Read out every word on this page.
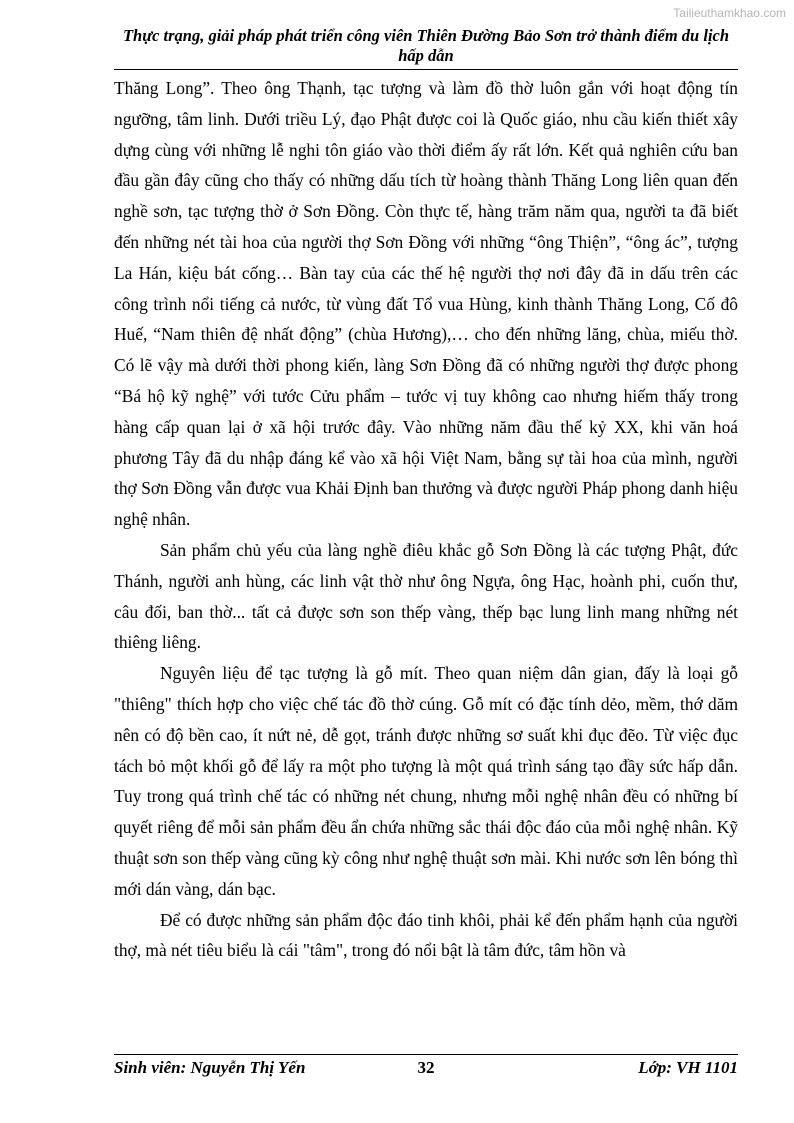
Tailieuthamkhao.com
Thực trạng, giải pháp phát triển công viên Thiên Đường Bảo Sơn trở thành điểm du lịch hấp dẫn

Thăng Long”. Theo ông Thạnh, tạc tượng và làm đồ thờ luôn gắn với hoạt động tín ngưỡng, tâm linh. Dưới triều Lý, đạo Phật được coi là Quốc giáo, nhu cầu kiến thiết xây dựng cùng với những lễ nghi tôn giáo vào thời điểm ấy rất lớn. Kết quả nghiên cứu ban đầu gần đây cũng cho thấy có những dấu tích từ hoàng thành Thăng Long liên quan đến nghề sơn, tạc tượng thờ ở Sơn Đồng. Còn thực tế, hàng trăm năm qua, người ta đã biết đến những nét tài hoa của người thợ Sơn Đồng với những “ông Thiện”, “ông ác”, tượng La Hán, kiệu bát cống… Bàn tay của các thế hệ người thợ nơi đây đã in dấu trên các công trình nổi tiếng cả nước, từ vùng đất Tổ vua Hùng, kinh thành Thăng Long, Cố đô Huế, “Nam thiên đệ nhất động” (chùa Hương),… cho đến những lăng, chùa, miếu thờ. Có lẽ vậy mà dưới thời phong kiến, làng Sơn Đồng đã có những người thợ được phong “Bá hộ kỹ nghệ” với tước Cửu phẩm – tước vị tuy không cao nhưng hiếm thấy trong hàng cấp quan lại ở xã hội trước đây. Vào những năm đầu thế kỷ XX, khi văn hoá phương Tây đã du nhập đáng kể vào xã hội Việt Nam, bằng sự tài hoa của mình, người thợ Sơn Đồng vẫn được vua Khải Định ban thưởng và được người Pháp phong danh hiệu nghệ nhân.

Sản phẩm chủ yếu của làng nghề điêu khắc gỗ Sơn Đồng là các tượng Phật, đức Thánh, người anh hùng, các linh vật thờ như ông Ngựa, ông Hạc, hoành phi, cuốn thư, câu đối, ban thờ... tất cả được sơn son thếp vàng, thếp bạc lung linh mang những nét thiêng liêng.

Nguyên liệu để tạc tượng là gỗ mít. Theo quan niệm dân gian, đấy là loại gỗ "thiêng" thích hợp cho việc chế tác đồ thờ cúng. Gỗ mít có đặc tính dẻo, mềm, thớ dăm nên có độ bền cao, ít nứt nẻ, dễ gọt, tránh được những sơ suất khi đục đẽo. Từ việc đục tách bỏ một khối gỗ để lấy ra một pho tượng là một quá trình sáng tạo đầy sức hấp dẫn. Tuy trong quá trình chế tác có những nét chung, nhưng mỗi nghệ nhân đều có những bí quyết riêng để mỗi sản phẩm đều ẩn chứa những sắc thái độc đáo của mỗi nghệ nhân. Kỹ thuật sơn son thếp vàng cũng kỳ công như nghệ thuật sơn mài. Khi nước sơn lên bóng thì mới dán vàng, dán bạc.

Để có được những sản phẩm độc đáo tinh khôi, phải kể đến phẩm hạnh của người thợ, mà nét tiêu biểu là cái "tâm", trong đó nổi bật là tâm đức, tâm hồn và

Sinh viên: Nguyễn Thị Yến	32	Lớp: VH 1101
